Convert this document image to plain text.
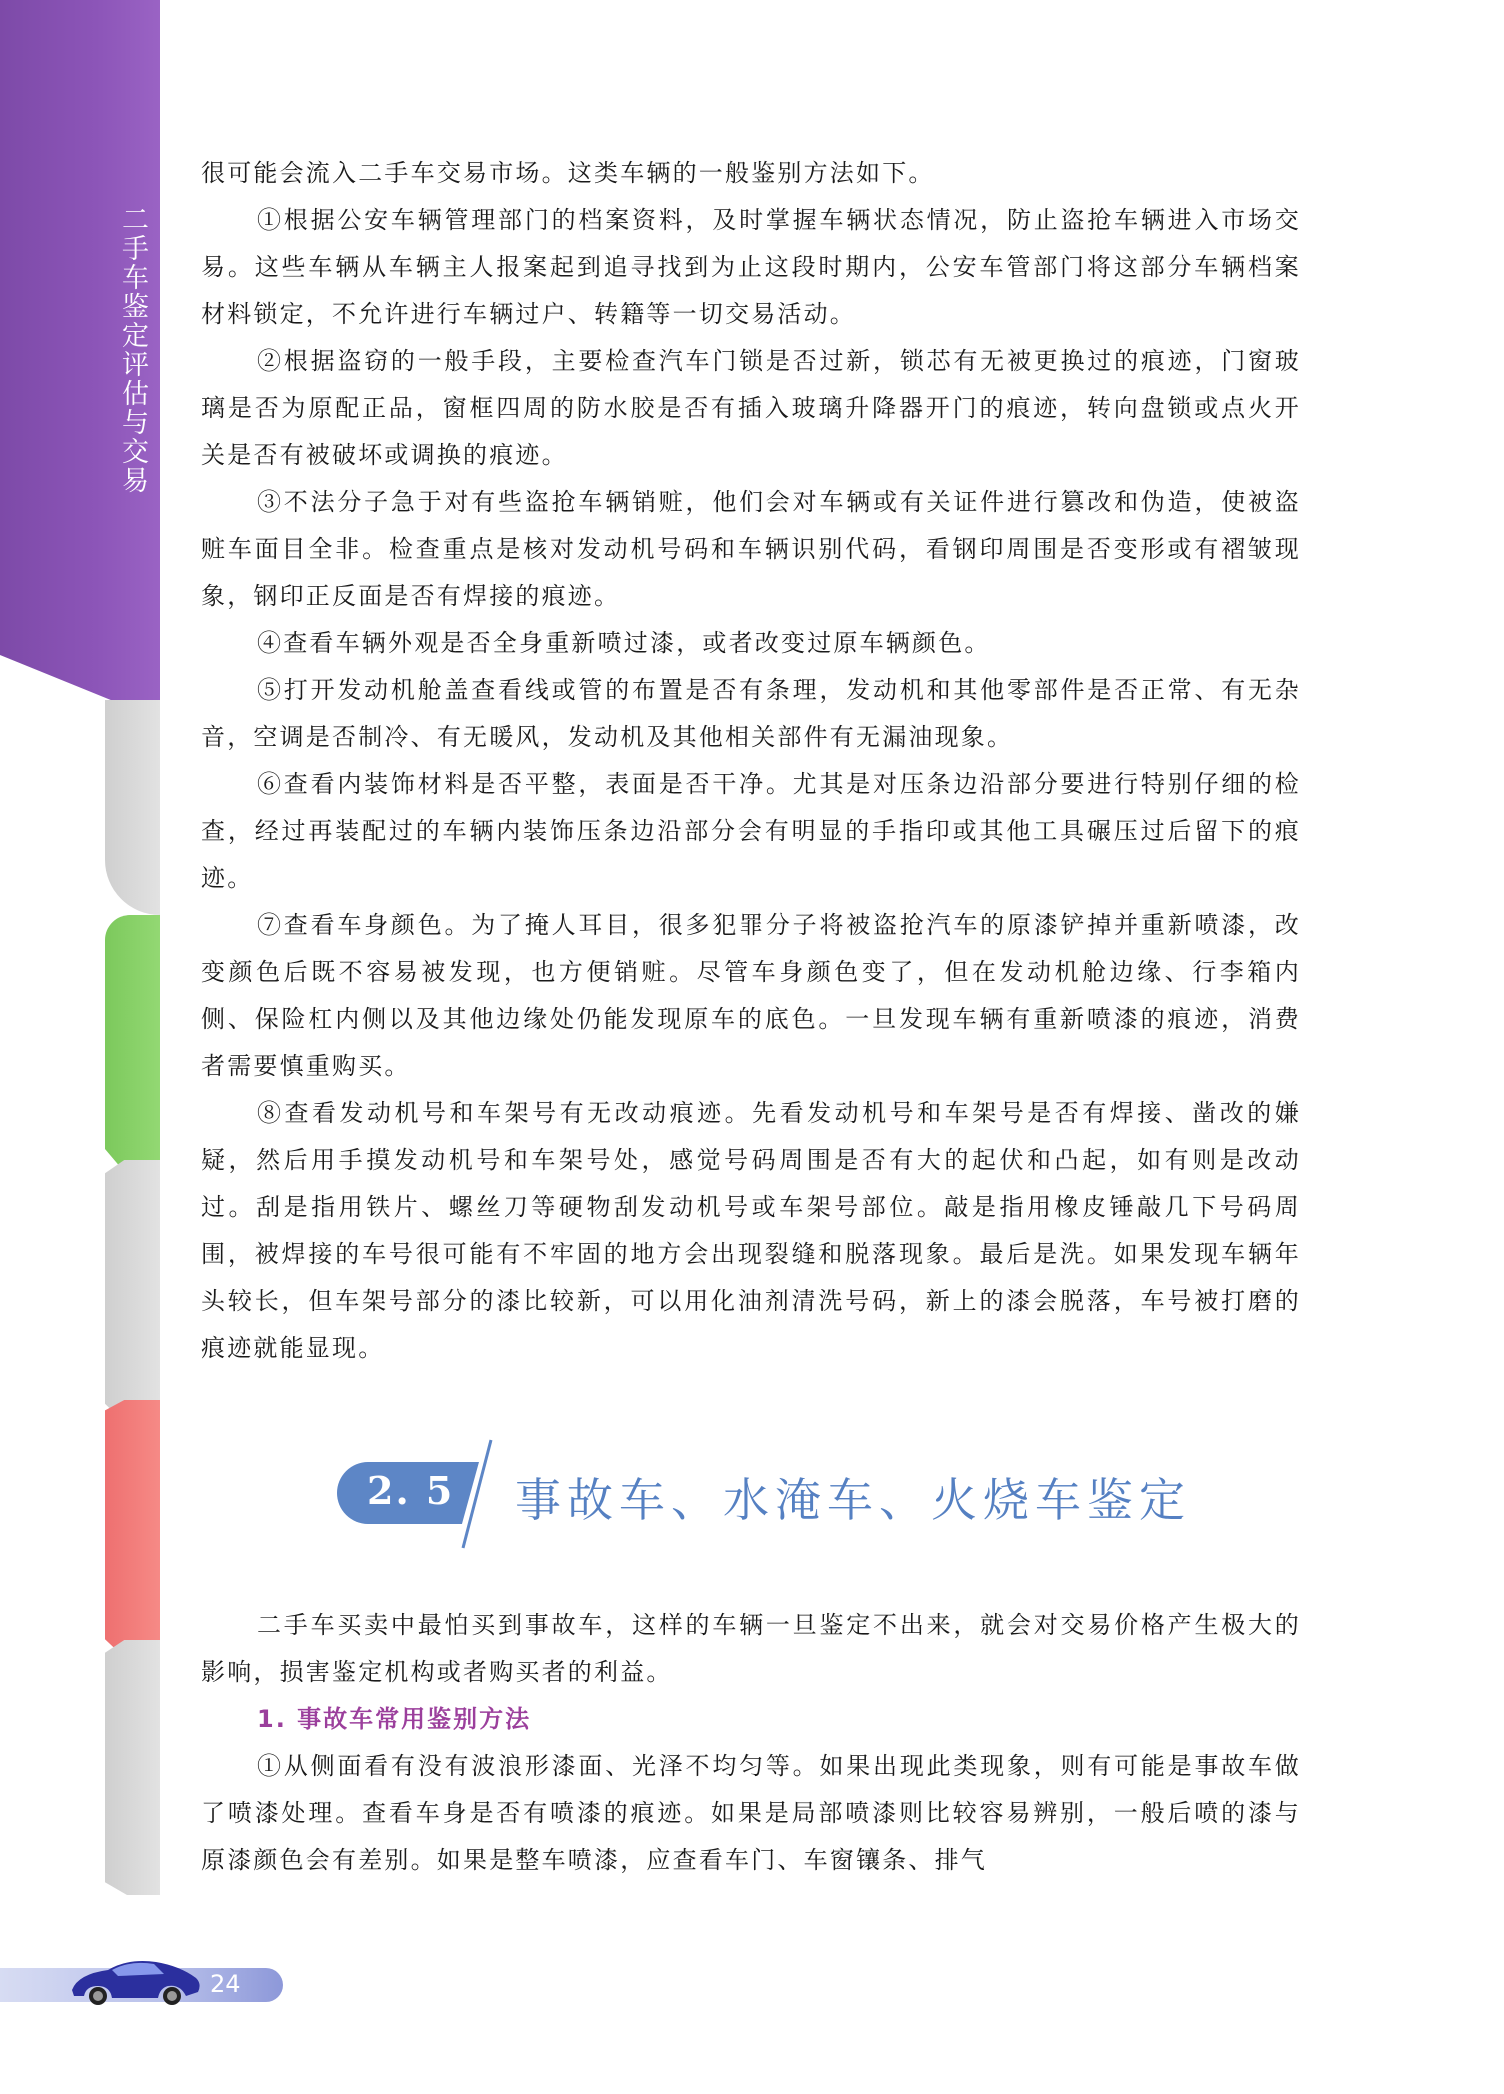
二手车鉴定评估与交易

很可能会流入二手车交易市场。这类车辆的一般鉴别方法如下。

①根据公安车辆管理部门的档案资料，及时掌握车辆状态情况，防止盗抢车辆进入市场交易。这些车辆从车辆主人报案起到追寻找到为止这段时期内，公安车管部门将这部分车辆档案材料锁定，不允许进行车辆过户、转籍等一切交易活动。

②根据盗窃的一般手段，主要检查汽车门锁是否过新，锁芯有无被更换过的痕迹，门窗玻璃是否为原配正品，窗框四周的防水胶是否有插入玻璃升降器开门的痕迹，转向盘锁或点火开关是否有被破坏或调换的痕迹。

③不法分子急于对有些盗抢车辆销赃，他们会对车辆或有关证件进行篡改和伪造，使被盗赃车面目全非。检查重点是核对发动机号码和车辆识别代码，看钢印周围是否变形或有褶皱现象，钢印正反面是否有焊接的痕迹。

④查看车辆外观是否全身重新喷过漆，或者改变过原车辆颜色。

⑤打开发动机舱盖查看线或管的布置是否有条理，发动机和其他零部件是否正常、有无杂音，空调是否制冷、有无暖风，发动机及其他相关部件有无漏油现象。

⑥查看内装饰材料是否平整，表面是否干净。尤其是对压条边沿部分要进行特别仔细的检查，经过再装配过的车辆内装饰压条边沿部分会有明显的手指印或其他工具碾压过后留下的痕迹。

⑦查看车身颜色。为了掩人耳目，很多犯罪分子将被盗抢汽车的原漆铲掉并重新喷漆，改变颜色后既不容易被发现，也方便销赃。尽管车身颜色变了，但在发动机舱边缘、行李箱内侧、保险杠内侧以及其他边缘处仍能发现原车的底色。一旦发现车辆有重新喷漆的痕迹，消费者需要慎重购买。

⑧查看发动机号和车架号有无改动痕迹。先看发动机号和车架号是否有焊接、凿改的嫌疑，然后用手摸发动机号和车架号处，感觉号码周围是否有大的起伏和凸起，如有则是改动过。刮是指用铁片、螺丝刀等硬物刮发动机号或车架号部位。敲是指用橡皮锤敲几下号码周围，被焊接的车号很可能有不牢固的地方会出现裂缝和脱落现象。最后是洗。如果发现车辆年头较长，但车架号部分的漆比较新，可以用化油剂清洗号码，新上的漆会脱落，车号被打磨的痕迹就能显现。

2. 5 事故车、水淹车、火烧车鉴定

二手车买卖中最怕买到事故车，这样的车辆一旦鉴定不出来，就会对交易价格产生极大的影响，损害鉴定机构或者购买者的利益。

1. 事故车常用鉴别方法

①从侧面看有没有波浪形漆面、光泽不均匀等。如果出现此类现象，则有可能是事故车做了喷漆处理。查看车身是否有喷漆的痕迹。如果是局部喷漆则比较容易辨别，一般后喷的漆与原漆颜色会有差别。如果是整车喷漆，应查看车门、车窗镶条、排气

24
